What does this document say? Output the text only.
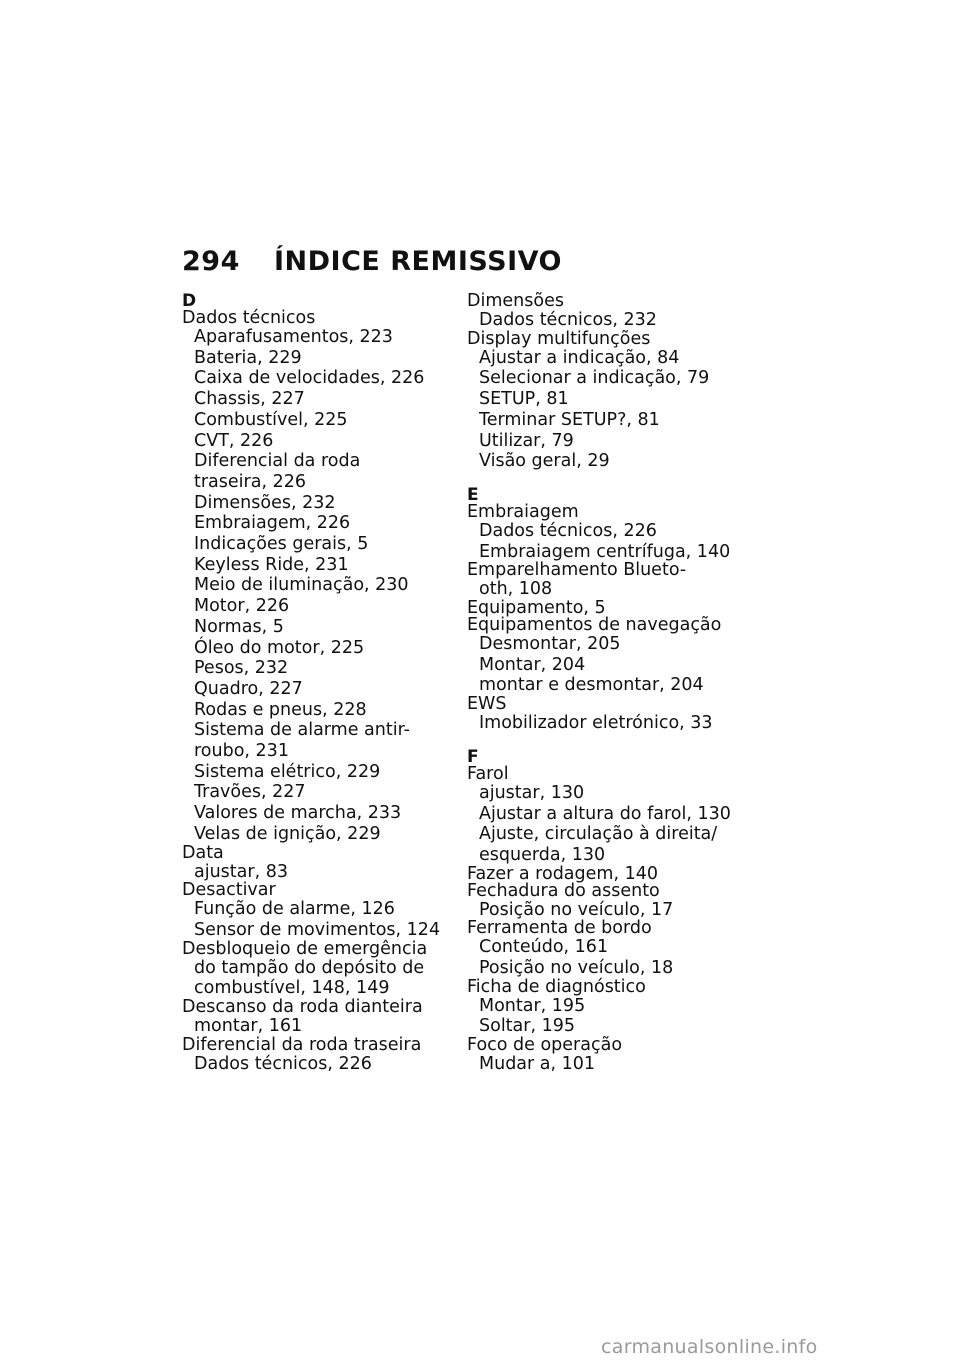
294 ÍNDICE REMISSIVO
D
Dados técnicos
Aparafusamentos, 223
Bateria, 229
Caixa de velocidades, 226
Chassis, 227
Combustível, 225
CVT, 226
Diferencial da roda
traseira, 226
Dimensões, 232
Embraiagem, 226
Indicações gerais, 5
Keyless Ride, 231
Meio de iluminação, 230
Motor, 226
Normas, 5
Óleo do motor, 225
Pesos, 232
Quadro, 227
Rodas e pneus, 228
Sistema de alarme antir-
roubo, 231
Sistema elétrico, 229
Travões, 227
Valores de marcha, 233
Velas de ignição, 229
Data
ajustar, 83
Desactivar
Função de alarme, 126
Sensor de movimentos, 124
Desbloqueio de emergência
do tampão do depósito de
combustível, 148, 149
Descanso da roda dianteira
montar, 161
Diferencial da roda traseira
Dados técnicos, 226
Dimensões
Dados técnicos, 232
Display multifunções
Ajustar a indicação, 84
Selecionar a indicação, 79
SETUP, 81
Terminar SETUP?, 81
Utilizar, 79
Visão geral, 29
E
Embraiagem
Dados técnicos, 226
Embraiagem centrífuga, 140
Emparelhamento Blueto-
oth, 108
Equipamento, 5
Equipamentos de navegação
Desmontar, 205
Montar, 204
montar e desmontar, 204
EWS
Imobilizador eletrónico, 33
F
Farol
ajustar, 130
Ajustar a altura do farol, 130
Ajuste, circulação à direita/
esquerda, 130
Fazer a rodagem, 140
Fechadura do assento
Posição no veículo, 17
Ferramenta de bordo
Conteúdo, 161
Posição no veículo, 18
Ficha de diagnóstico
Montar, 195
Soltar, 195
Foco de operação
Mudar a, 101
carmanualsonline.info
